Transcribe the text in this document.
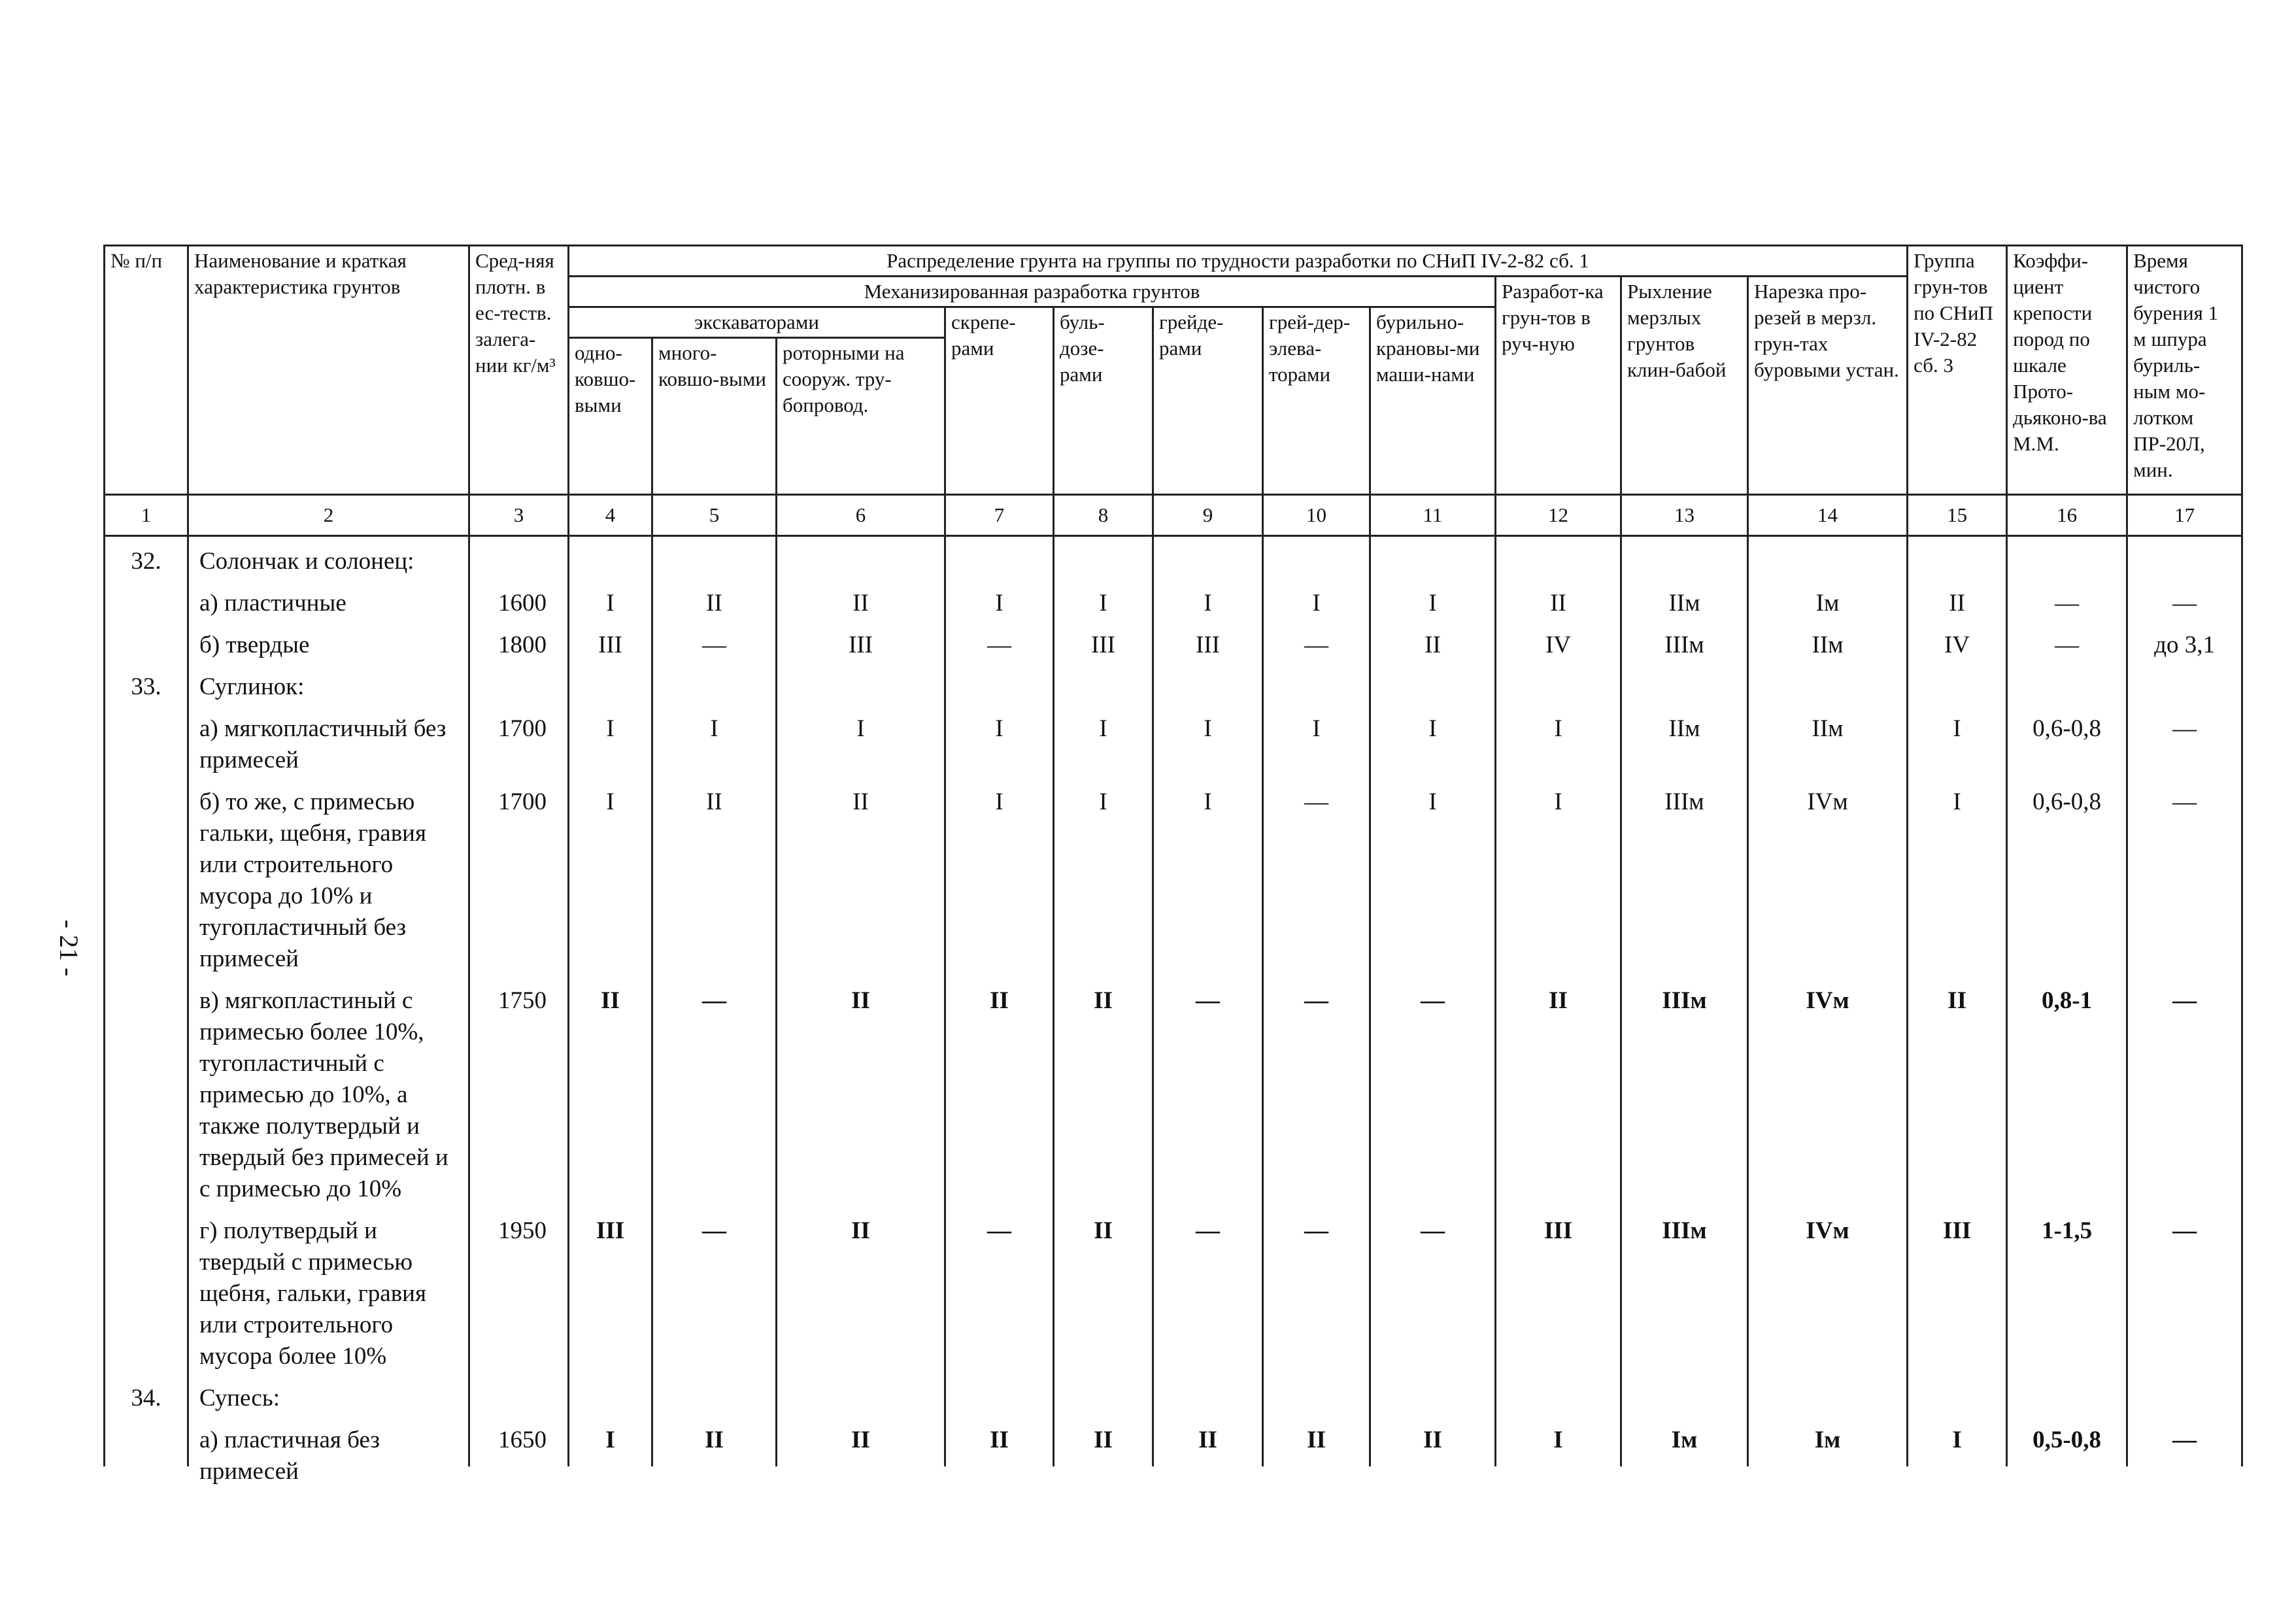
- 21 -
№ п/п	Наименование и краткая характеристика грунтов	Сред-няя плотн. в ес-теств. залега-нии кг/м³	Распределение грунта на группы по трудности разработки по СНиП IV-2-82 сб. 1											Группа грун-тов по СНиП IV-2-82 сб. 3	Коэффи-циент крепости пород по шкале Прото-дьяконо-ва М.М.	Время чистого бурения 1 м шпура буриль-ным мо-лотком ПР-20Л, мин.
			Механизированная разработка грунтов								Разработ-ка грун-тов в руч-ную	Рыхление мерзлых грунтов клин-бабой	Нарезка про-резей в мерзл. грун-тах буровыми устан.			
			экскаваторами			скрепе-рами	буль-дозе-рами	грейде-рами	грей-дер-элева-торами	бурильно-крановы-ми маши-нами						
			одно-ковшо-выми	много-ковшо-выми	роторными на сооруж. тру-бопровод.											
1	2	3	4	5	6	7	8	9	10	11	12	13	14	15	16	17
32.	Солончак и солонец:															
	а) пластичные	1600	I	II	II	I	I	I	I	I	II	IIм	Iм	II	—	—
	б) твердые	1800	III	—	III	—	III	III	—	II	IV	IIIм	IIм	IV	—	до 3,1
33.	Суглинок:															
	а) мягкопластичный без примесей	1700	I	I	I	I	I	I	I	I	I	IIм	IIм	I	0,6-0,8	—
	б) то же, с примесью гальки, щебня, гравия или строительного мусора до 10% и тугопластичный без примесей	1700	I	II	II	I	I	I	—	I	I	IIIм	IVм	I	0,6-0,8	—
	в) мягкопластиный с примесью более 10%, тугопластичный с примесью до 10%, а также полутвердый и твердый без примесей и с примесью до 10%	1750	II	—	II	II	II	—	—	—	II	IIIм	IVм	II	0,8-1	—
	г) полутвердый и твердый с примесью щебня, гальки, гравия или строительного мусора более 10%	1950	III	—	II	—	II	—	—	—	III	IIIм	IVм	III	1-1,5	—
34.	Супесь:															

	а) пластичная без примесей	1650	I	II	II	II	II	II	II	II	I	Iм	Iм	I	0,5-0,8	—
